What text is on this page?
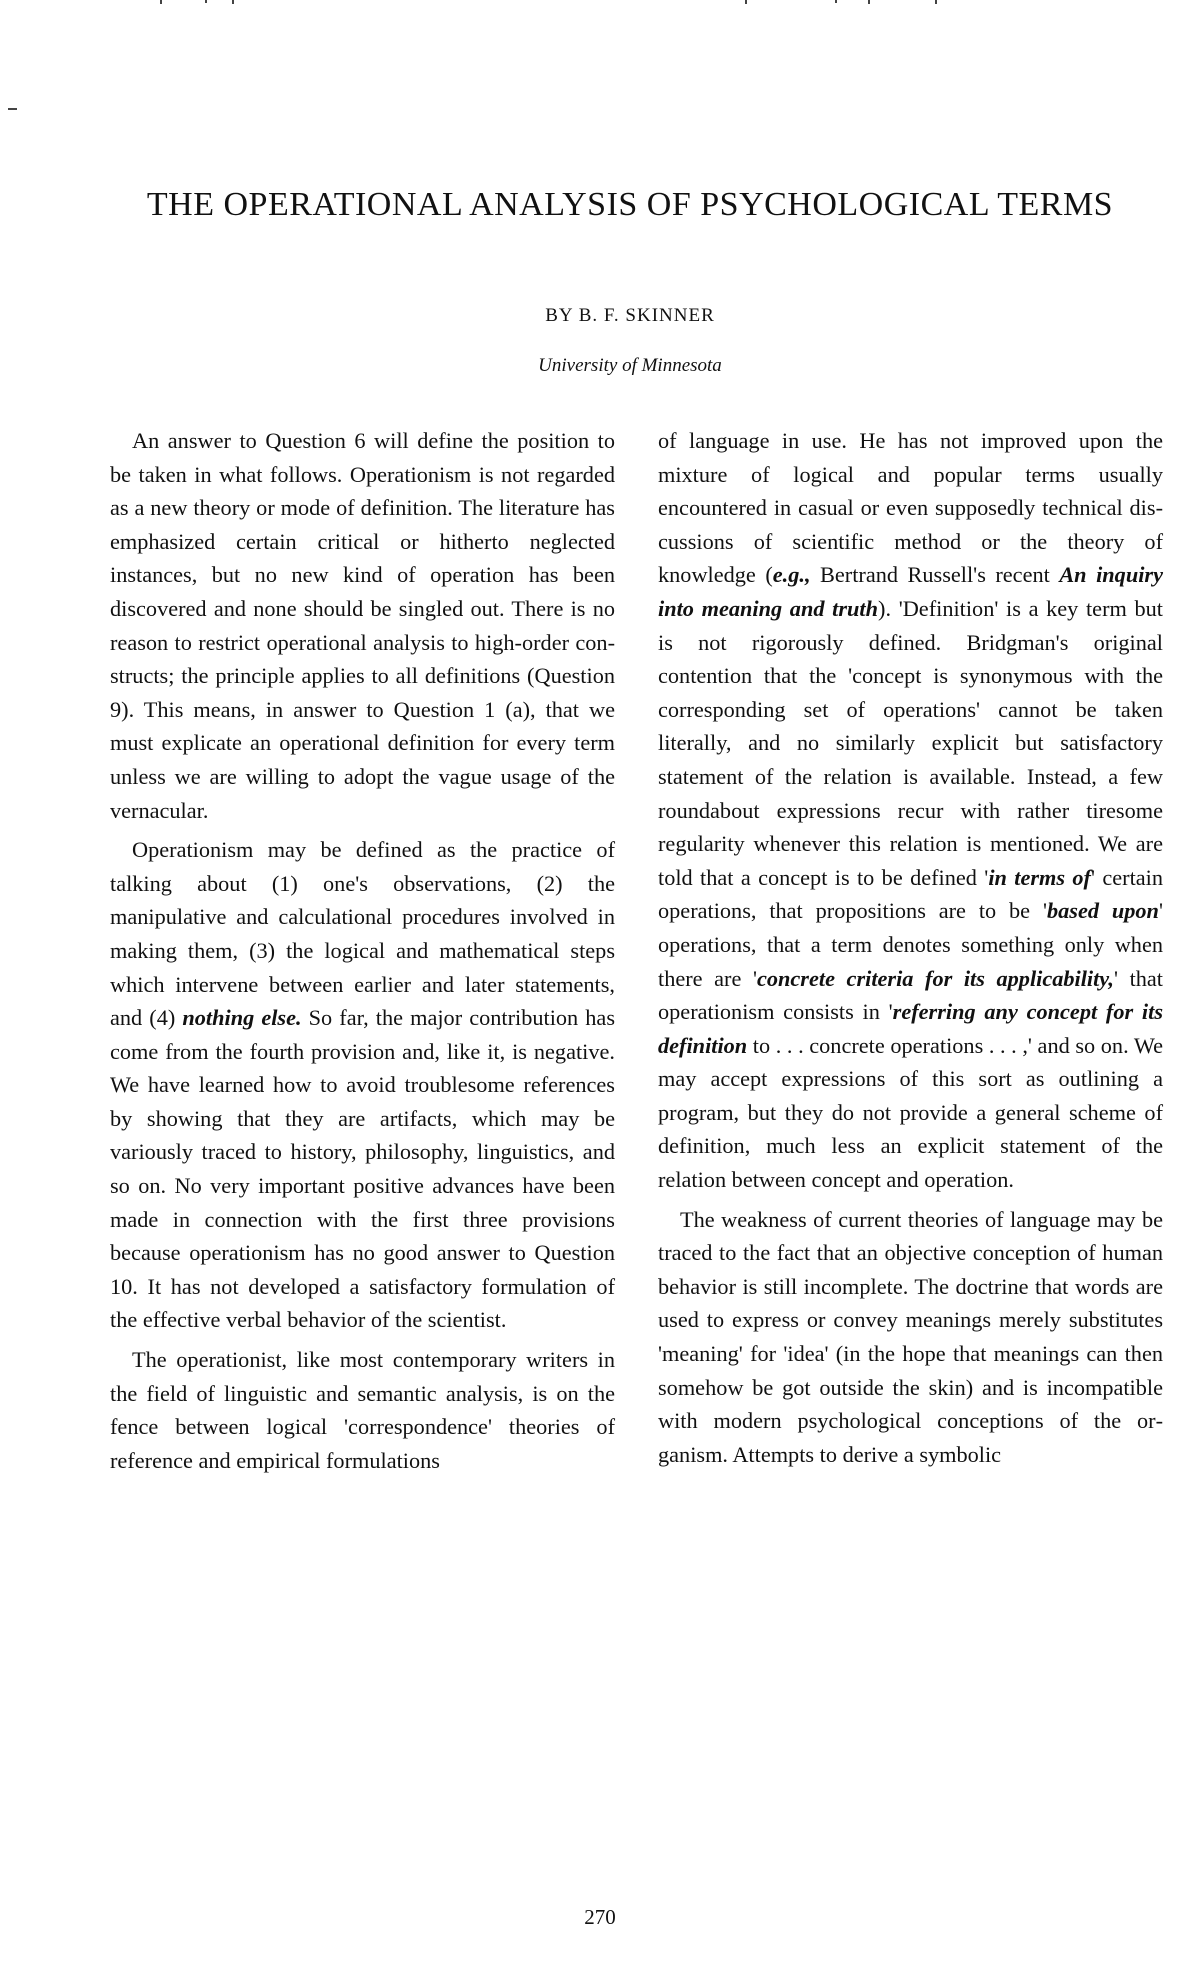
THE OPERATIONAL ANALYSIS OF PSYCHOLOGICAL TERMS
BY B. F. SKINNER
University of Minnesota

An answer to Question 6 will define the position to be taken in what follows. Operationism is not regarded as a new theory or mode of definition. The literature has emphasized certain critical or hitherto neglected instances, but no new kind of operation has been discovered and none should be singled out. There is no reason to restrict operational analysis to high-order constructs; the principle applies to all definitions (Question 9). This means, in answer to Question 1 (a), that we must explicate an operational definition for every term unless we are willing to adopt the vague usage of the vernacular.

Operationism may be defined as the practice of talking about (1) one's observations, (2) the manipulative and calculational procedures involved in making them, (3) the logical and mathematical steps which intervene between earlier and later statements, and (4) nothing else. So far, the major contribution has come from the fourth provision and, like it, is negative. We have learned how to avoid troublesome references by showing that they are artifacts, which may be variously traced to history, philosophy, linguistics, and so on. No very important positive advances have been made in connection with the first three provisions because operationism has no good answer to Question 10. It has not developed a satisfactory formulation of the effective verbal behavior of the scientist.

The operationist, like most contemporary writers in the field of linguistic and semantic analysis, is on the fence between logical 'correspondence' theories of reference and empirical formulations

of language in use. He has not improved upon the mixture of logical and popular terms usually encountered in casual or even supposedly technical discussions of scientific method or the theory of knowledge (e.g., Bertrand Russell's recent An inquiry into meaning and truth). 'Definition' is a key term but is not rigorously defined. Bridgman's original contention that the 'concept is synonymous with the corresponding set of operations' cannot be taken literally, and no similarly explicit but satisfactory statement of the relation is available. Instead, a few roundabout expressions recur with rather tiresome regularity whenever this relation is mentioned. We are told that a concept is to be defined 'in terms of' certain operations, that propositions are to be 'based upon' operations, that a term denotes something only when there are 'concrete criteria for its applicability,' that operationism consists in 'referring any concept for its definition to . . . concrete operations . . . ,' and so on. We may accept expressions of this sort as outlining a program, but they do not provide a general scheme of definition, much less an explicit statement of the relation between concept and operation.

The weakness of current theories of language may be traced to the fact that an objective conception of human behavior is still incomplete. The doctrine that words are used to express or convey meanings merely substitutes 'meaning' for 'idea' (in the hope that meanings can then somehow be got outside the skin) and is incompatible with modern psychological conceptions of the organism. Attempts to derive a symbolic

270
